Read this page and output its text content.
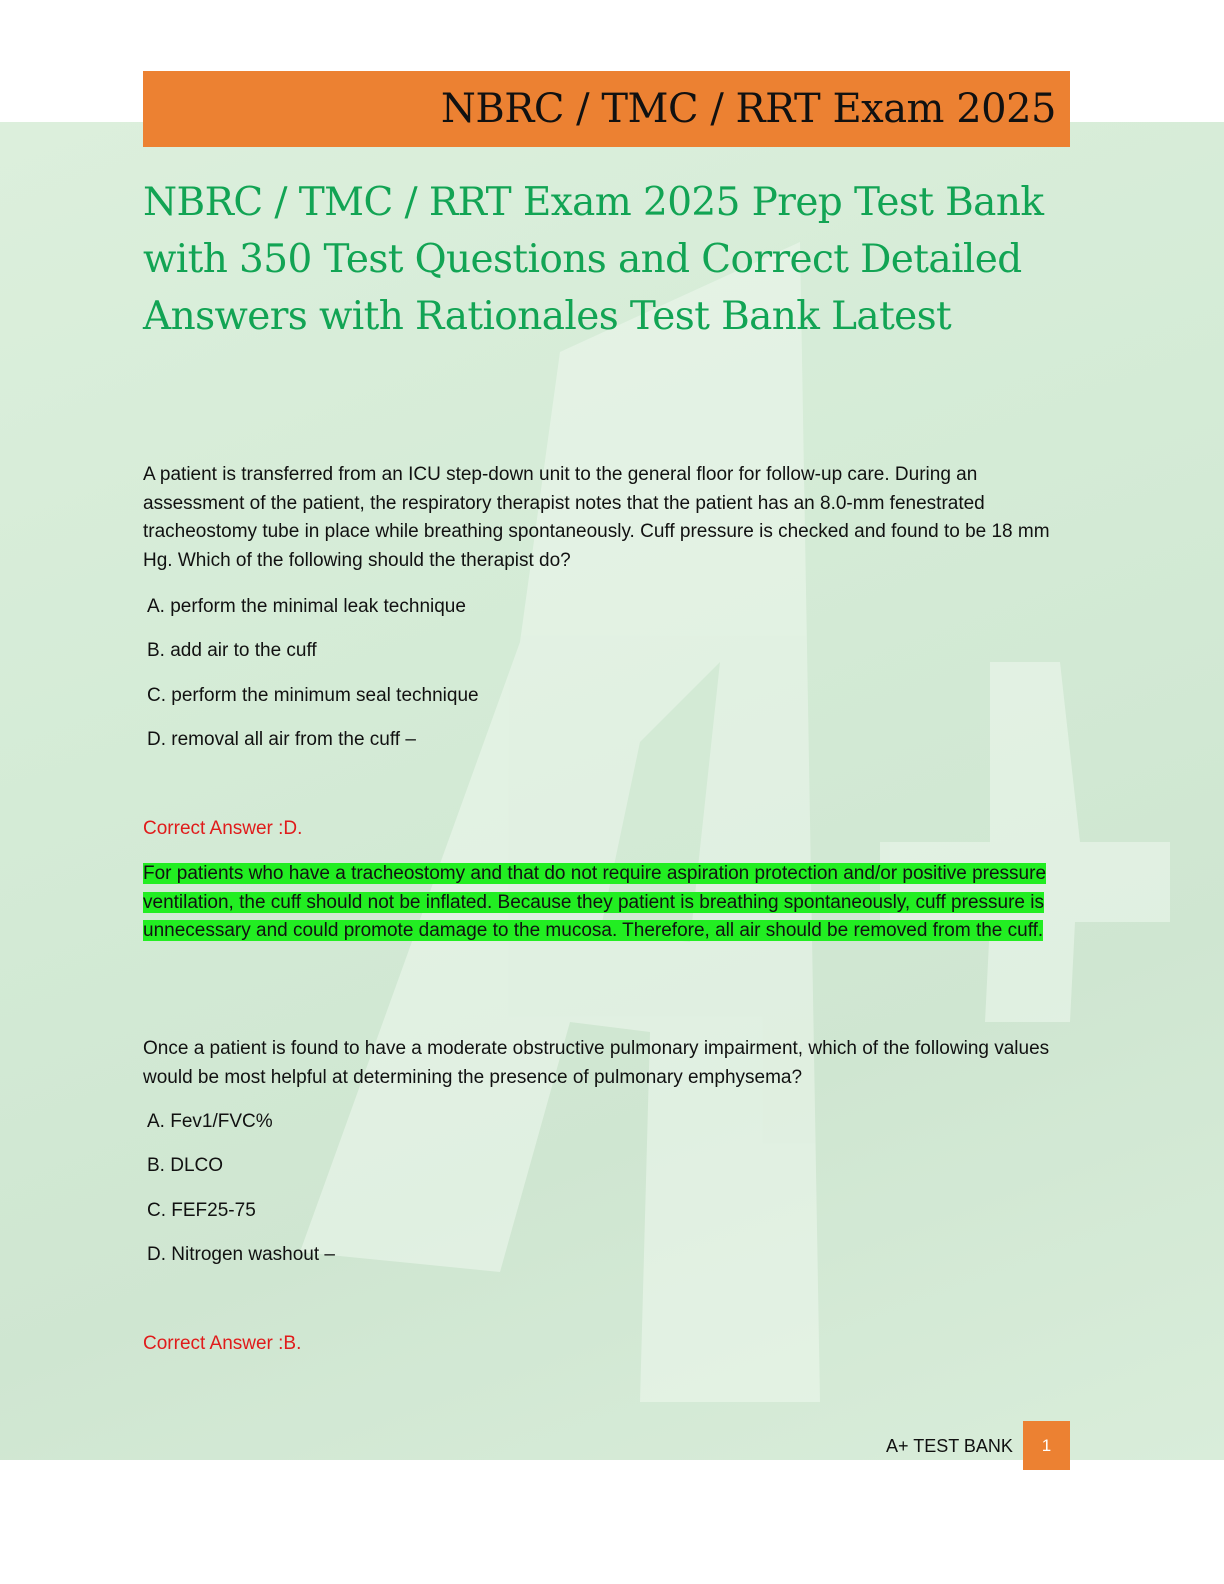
NBRC / TMC / RRT Exam 2025
NBRC / TMC / RRT Exam 2025 Prep Test Bank with 350 Test Questions and Correct Detailed Answers with Rationales Test Bank Latest
A patient is transferred from an ICU step-down unit to the general floor for follow-up care. During an assessment of the patient, the respiratory therapist notes that the patient has an 8.0-mm fenestrated tracheostomy tube in place while breathing spontaneously. Cuff pressure is checked and found to be 18 mm Hg. Which of the following should the therapist do?
A. perform the minimal leak technique
B. add air to the cuff
C. perform the minimum seal technique
D. removal all air from the cuff –
Correct Answer :D.
For patients who have a tracheostomy and that do not require aspiration protection and/or positive pressure ventilation, the cuff should not be inflated. Because they patient is breathing spontaneously, cuff pressure is unnecessary and could promote damage to the mucosa. Therefore, all air should be removed from the cuff.
Once a patient is found to have a moderate obstructive pulmonary impairment, which of the following values would be most helpful at determining the presence of pulmonary emphysema?
A. Fev1/FVC%
B. DLCO
C. FEF25-75
D. Nitrogen washout –
Correct Answer :B.
A+ TEST BANK	1
